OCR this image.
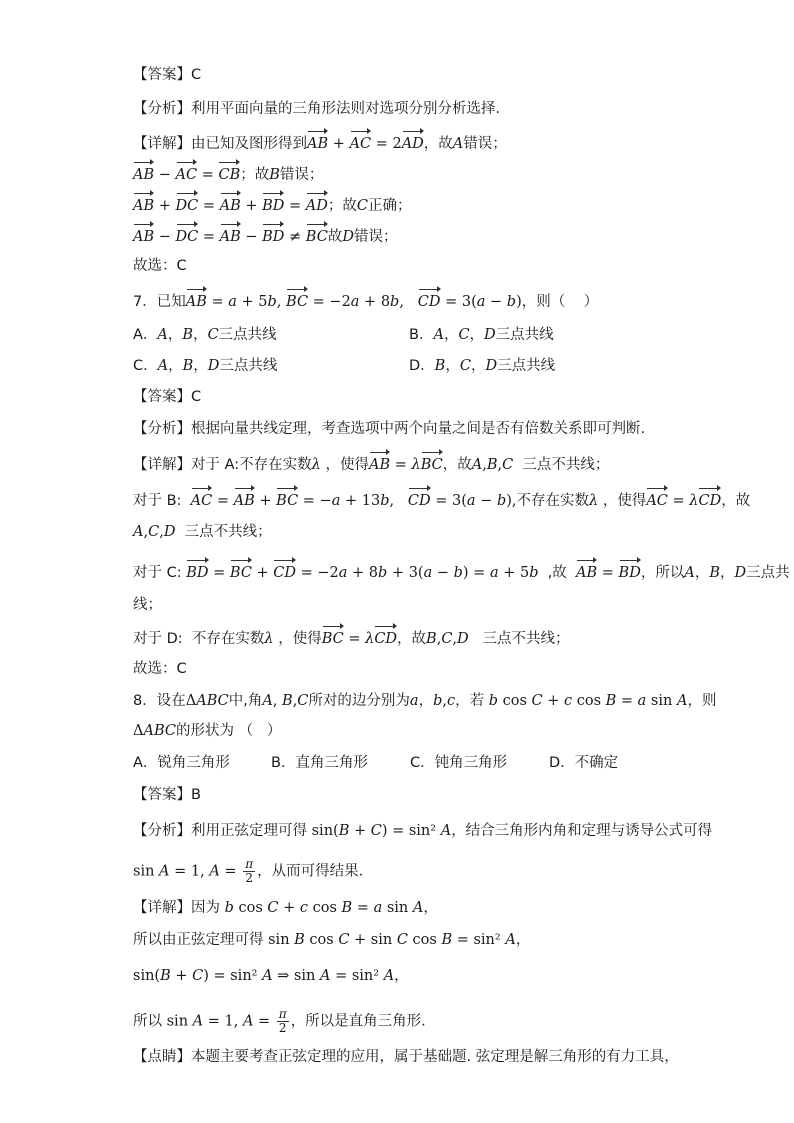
【答案】C
【分析】利用平面向量的三角形法则对选项分别分析选择．
【详解】由已知及图形得到AB + AC = 2AD，故A错误；
AB − AC = CB；故B错误；
AB + DC = AB + BD = AD；故C正确；
AB − DC = AB − BD ≠ BC故D错误；
故选：C
7．已知AB = a + 5b, BC = −2a + 8b,   CD = 3(a − b)，则（    ）
A．A，B，C三点共线	B．A，C，D三点共线
C．A，B，D三点共线	D．B，C，D三点共线
【答案】C
【分析】根据向量共线定理，考查选项中两个向量之间是否有倍数关系即可判断.
【详解】对于 A:不存在实数λ ，使得AB = λBC，故A,B,C  三点不共线；
对于 B:  AC = AB + BC = −a + 13b,   CD = 3(a − b),不存在实数λ ，使得AC = λCD，故
A,C,D  三点不共线；
对于 C: BD = BC + CD = −2a + 8b + 3(a − b) = a + 5b  ,故  AB = BD，所以A，B，D三点共
线；
对于 D:  不存在实数λ ，使得BC = λCD，故B,C,D   三点不共线；
故选：C
8．设在ΔABC中,角A, B,C所对的边分别为a，b,c，若 b cos C + c cos B = a sin A，则
ΔABC的形状为 （   ）
A．锐角三角形	B．直角三角形	C．钝角三角形	D．不确定
【答案】B
【分析】利用正弦定理可得 sin(B + C) = sin² A，结合三角形内角和定理与诱导公式可得
sin A = 1, $A = \frac{\pi}{2}$ ，从而可得结果.
【详解】因为 b cos C + c cos B = a sin A，
所以由正弦定理可得 sin B cos C + sin C cos B = sin² A，
sin(B + C) = sin² A ⇒ sin A = sin² A，
所以 sin A = 1, $A = \frac{\pi}{2}$ ，所以是直角三角形.
【点睛】本题主要考查正弦定理的应用，属于基础题. 弦定理是解三角形的有力工具，
